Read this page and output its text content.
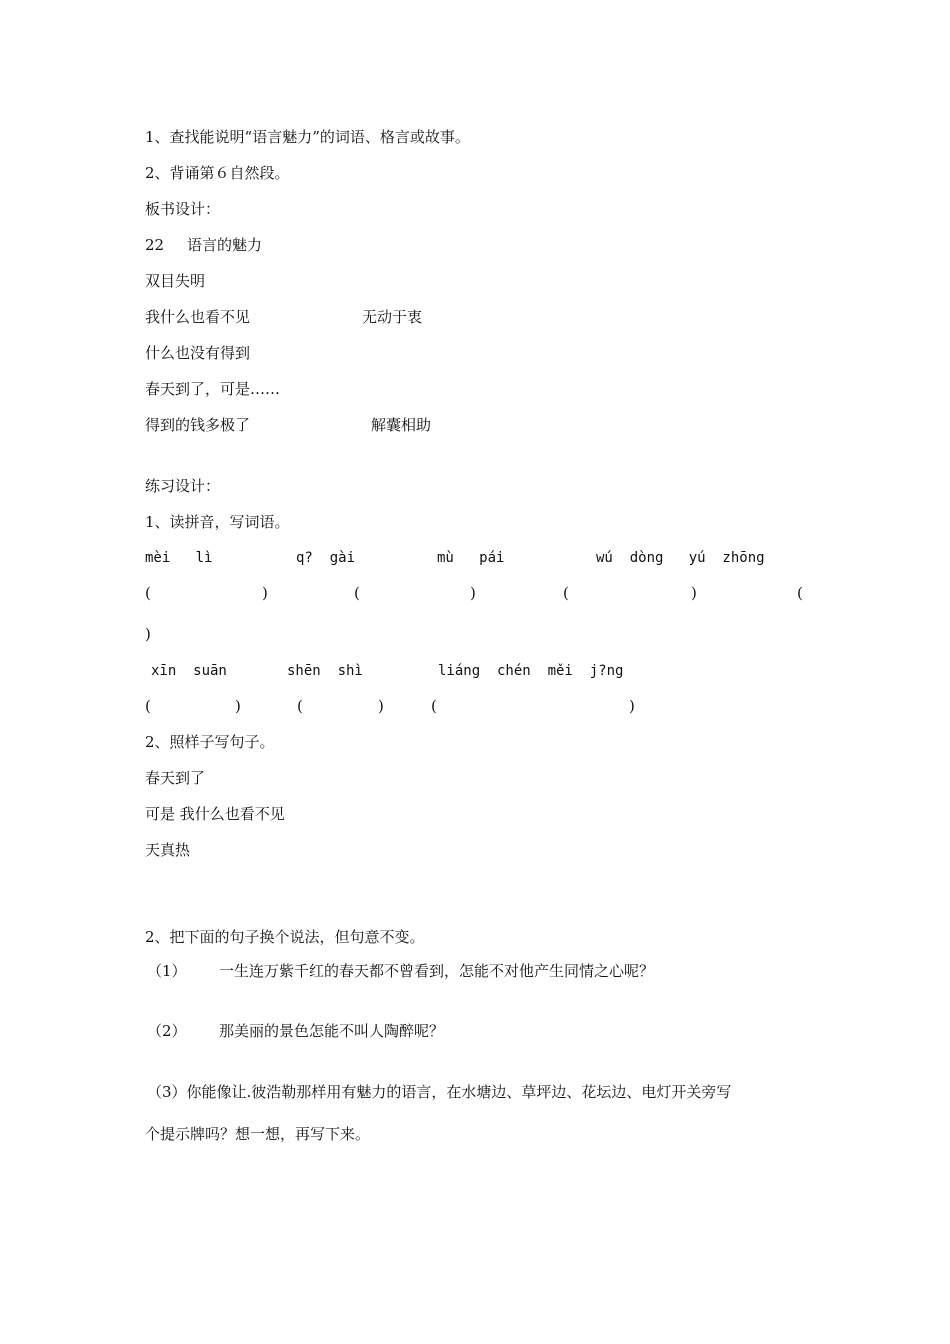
1、查找能说明“语言魅力”的词语、格言或故事。
2、背诵第６自然段。
板书设计：
22 语言的魅力
双目失明
我什么也看不见	无动于衷
什么也没有得到
春天到了，可是……
得到的钱多极了	解囊相助
练习设计：
1、读拼音，写词语。
mèi   lì	q?  gài	mù   pái	wú  dòng   yú  zhōng
(	)	(	)	(	)	(
)
xīn  suān	shēn  shì	liáng  chén  měi  j?ng
(	)	(	)	(	)
2、照样子写句子。
春天到了
可是 我什么也看不见
天真热
2、把下面的句子换个说法，但句意不变。
（1） 一生连万紫千红的春天都不曾看到，怎能不对他产生同情之心呢？
（2） 那美丽的景色怎能不叫人陶醉呢？
（3）你能像让.彼浩勒那样用有魅力的语言，在水塘边、草坪边、花坛边、电灯开关旁写
个提示牌吗？想一想，再写下来。
